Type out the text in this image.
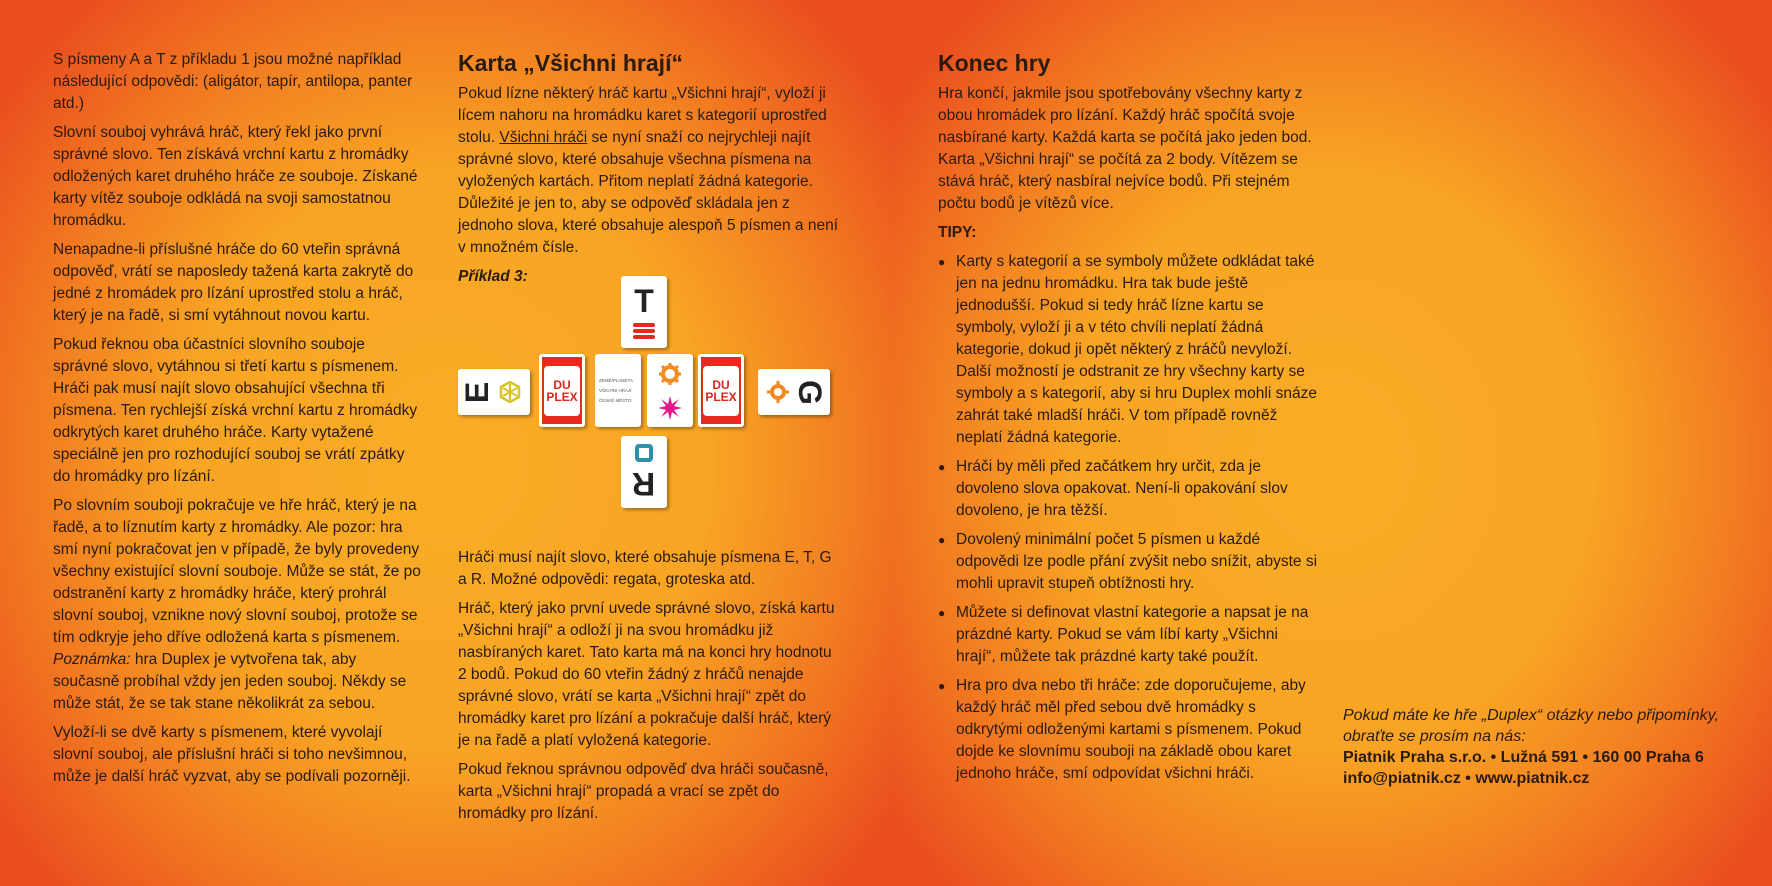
S písmeny A a T z příkladu 1 jsou možné například následující odpovědi: (aligátor, tapír, antilopa, panter atd.)

Slovní souboj vyhrává hráč, který řekl jako první správné slovo. Ten získává vrchní kartu z hromádky odložených karet druhého hráče ze souboje. Získané karty vítěz souboje odkládá na svoji samostatnou hromádku.

Nenapadne-li příslušné hráče do 60 vteřin správná odpověď, vrátí se naposledy tažená karta zakrytě do jedné z hromádek pro lízání uprostřed stolu a hráč, který je na řadě, si smí vytáhnout novou kartu.

Pokud řeknou oba účastníci slovního souboje správné slovo, vytáhnou si třetí kartu s písmenem. Hráči pak musí najít slovo obsahující všechna tři písmena. Ten rychlejší získá vrchní kartu z hromádky odkrytých karet druhého hráče. Karty vytažené speciálně jen pro rozhodující souboj se vrátí zpátky do hromádky pro lízání.

Po slovním souboji pokračuje ve hře hráč, který je na řadě, a to líznutím karty z hromádky. Ale pozor: hra smí nyní pokračovat jen v případě, že byly provedeny všechny existující slovní souboje. Může se stát, že po odstranění karty z hromádky hráče, který prohrál slovní souboj, vznikne nový slovní souboj, protože se tím odkryje jeho dříve odložená karta s písmenem.

Poznámka: hra Duplex je vytvořena tak, aby současně probíhal vždy jen jeden souboj. Někdy se může stát, že se tak stane několikrát za sebou.

Vyloží-li se dvě karty s písmenem, které vyvolají slovní souboj, ale příslušní hráči si toho nevšimnou, může je další hráč vyzvat, aby se podívali pozorněji.

Karta „Všichni hrají“

Pokud lízne některý hráč kartu „Všichni hrají“, vyloží ji lícem nahoru na hromádku karet s kategorií uprostřed stolu. Všichni hráči se nyní snaží co nejrychleji najít správné slovo, které obsahuje všechna písmena na vyložených kartách. Přitom neplatí žádná kategorie. Důležité je jen to, aby se odpověď skládala jen z jednoho slova, které obsahuje alespoň 5 písmen a není v množném čísle.

Příklad 3:

Hráči musí najít slovo, které obsahuje písmena E, T, G a R. Možné odpovědi: regata, groteska atd.

Hráč, který jako první uvede správné slovo, získá kartu „Všichni hrají“ a odloží ji na svou hromádku již nasbíraných karet. Tato karta má na konci hry hodnotu 2 bodů. Pokud do 60 vteřin žádný z hráčů nenajde správné slovo, vrátí se karta „Všichni hrají“ zpět do hromádky karet pro lízání a pokračuje další hráč, který je na řadě a platí vyložená kategorie.

Pokud řeknou správnou odpověď dva hráči současně, karta „Všichni hrají“ propadá a vrací se zpět do hromádky pro lízání.

T
E	DU PLEX
ZEMĚ/PLANETA
VŠICHNI HRAJÍ
ČESKÉ MĚSTO
DU PLEX G
R
Konec hry

Hra končí, jakmile jsou spotřebovány všechny karty z obou hromádek pro lízání. Každý hráč spočítá svoje nasbírané karty. Každá karta se počítá jako jeden bod. Karta „Všichni hrají“ se počítá za 2 body. Vítězem se stává hráč, který nasbíral nejvíce bodů. Při stejném počtu bodů je vítězů více.

TIPY:

● Karty s kategorií a se symboly můžete odkládat také jen na jednu hromádku. Hra tak bude ještě jednodušší. Pokud si tedy hráč lízne kartu se symboly, vyloží ji a v této chvíli neplatí žádná kategorie, dokud ji opět některý z hráčů nevyloží. Další možností je odstranit ze hry všechny karty se symboly a s kategorií, aby si hru Duplex mohli snáze zahrát také mladší hráči. V tom případě rovněž neplatí žádná kategorie.
● Hráči by měli před začátkem hry určit, zda je dovoleno slova opakovat. Není-li opakování slov dovoleno, je hra těžší.
● Dovolený minimální počet 5 písmen u každé odpovědi lze podle přání zvýšit nebo snížit, abyste si mohli upravit stupeň obtížnosti hry.
● Můžete si definovat vlastní kategorie a napsat je na prázdné karty. Pokud se vám líbí karty „Všichni hrají“, můžete tak prázdné karty také použít.
● Hra pro dva nebo tři hráče: zde doporučujeme, aby každý hráč měl před sebou dvě hromádky s odkrytými odloženými kartami s písmenem. Pokud dojde ke slovnímu souboji na základě obou karet jednoho hráče, smí odpovídat všichni hráči.
Pokud máte ke hře „Duplex“ otázky nebo připomínky, obraťte se prosím na nás:
Piatnik Praha s.r.o. • Lužná 591 • 160 00 Praha 6
info@piatnik.cz • www.piatnik.cz
